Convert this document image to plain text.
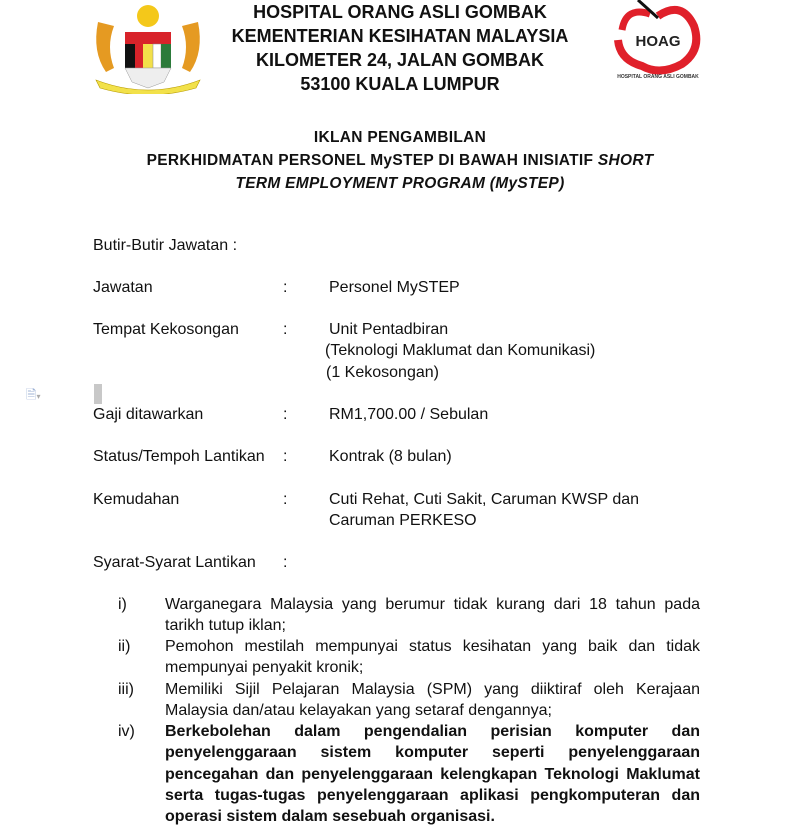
HOAG
HOSPITAL ORANG ASLI GOMBAK
HOSPITAL ORANG ASLI GOMBAK
KEMENTERIAN KESIHATAN MALAYSIA
KILOMETER 24, JALAN GOMBAK
53100 KUALA LUMPUR
IKLAN PENGAMBILAN
PERKHIDMATAN PERSONEL MySTEP DI BAWAH INISIATIF SHORT
TERM EMPLOYMENT PROGRAM (MySTEP)
🗎▾
Butir-Butir Jawatan :
Jawatan	:	Personel MySTEP
Tempat Kekosongan	:	Unit Pentadbiran
(Teknologi Maklumat dan Komunikasi)
(1 Kekosongan)
Gaji ditawarkan	:	RM1,700.00 / Sebulan
Status/Tempoh Lantikan :	Kontrak (8 bulan)
Kemudahan	:	Cuti Rehat, Cuti Sakit, Caruman KWSP dan
Caruman PERKESO
Syarat-Syarat Lantikan :
i) Warganegara Malaysia yang berumur tidak kurang dari 18 tahun pada tarikh tutup iklan;
ii) Pemohon mestilah mempunyai status kesihatan yang baik dan tidak mempunyai penyakit kronik;
iii) Memiliki Sijil Pelajaran Malaysia (SPM) yang diiktiraf oleh Kerajaan Malaysia dan/atau kelayakan yang setaraf dengannya;
iv) Berkebolehan dalam pengendalian perisian komputer dan penyelenggaraan sistem komputer seperti penyelenggaraan pencegahan dan penyelenggaraan kelengkapan Teknologi Maklumat serta tugas-tugas penyelenggaraan aplikasi pengkomputeran dan operasi sistem dalam sesebuah organisasi.
